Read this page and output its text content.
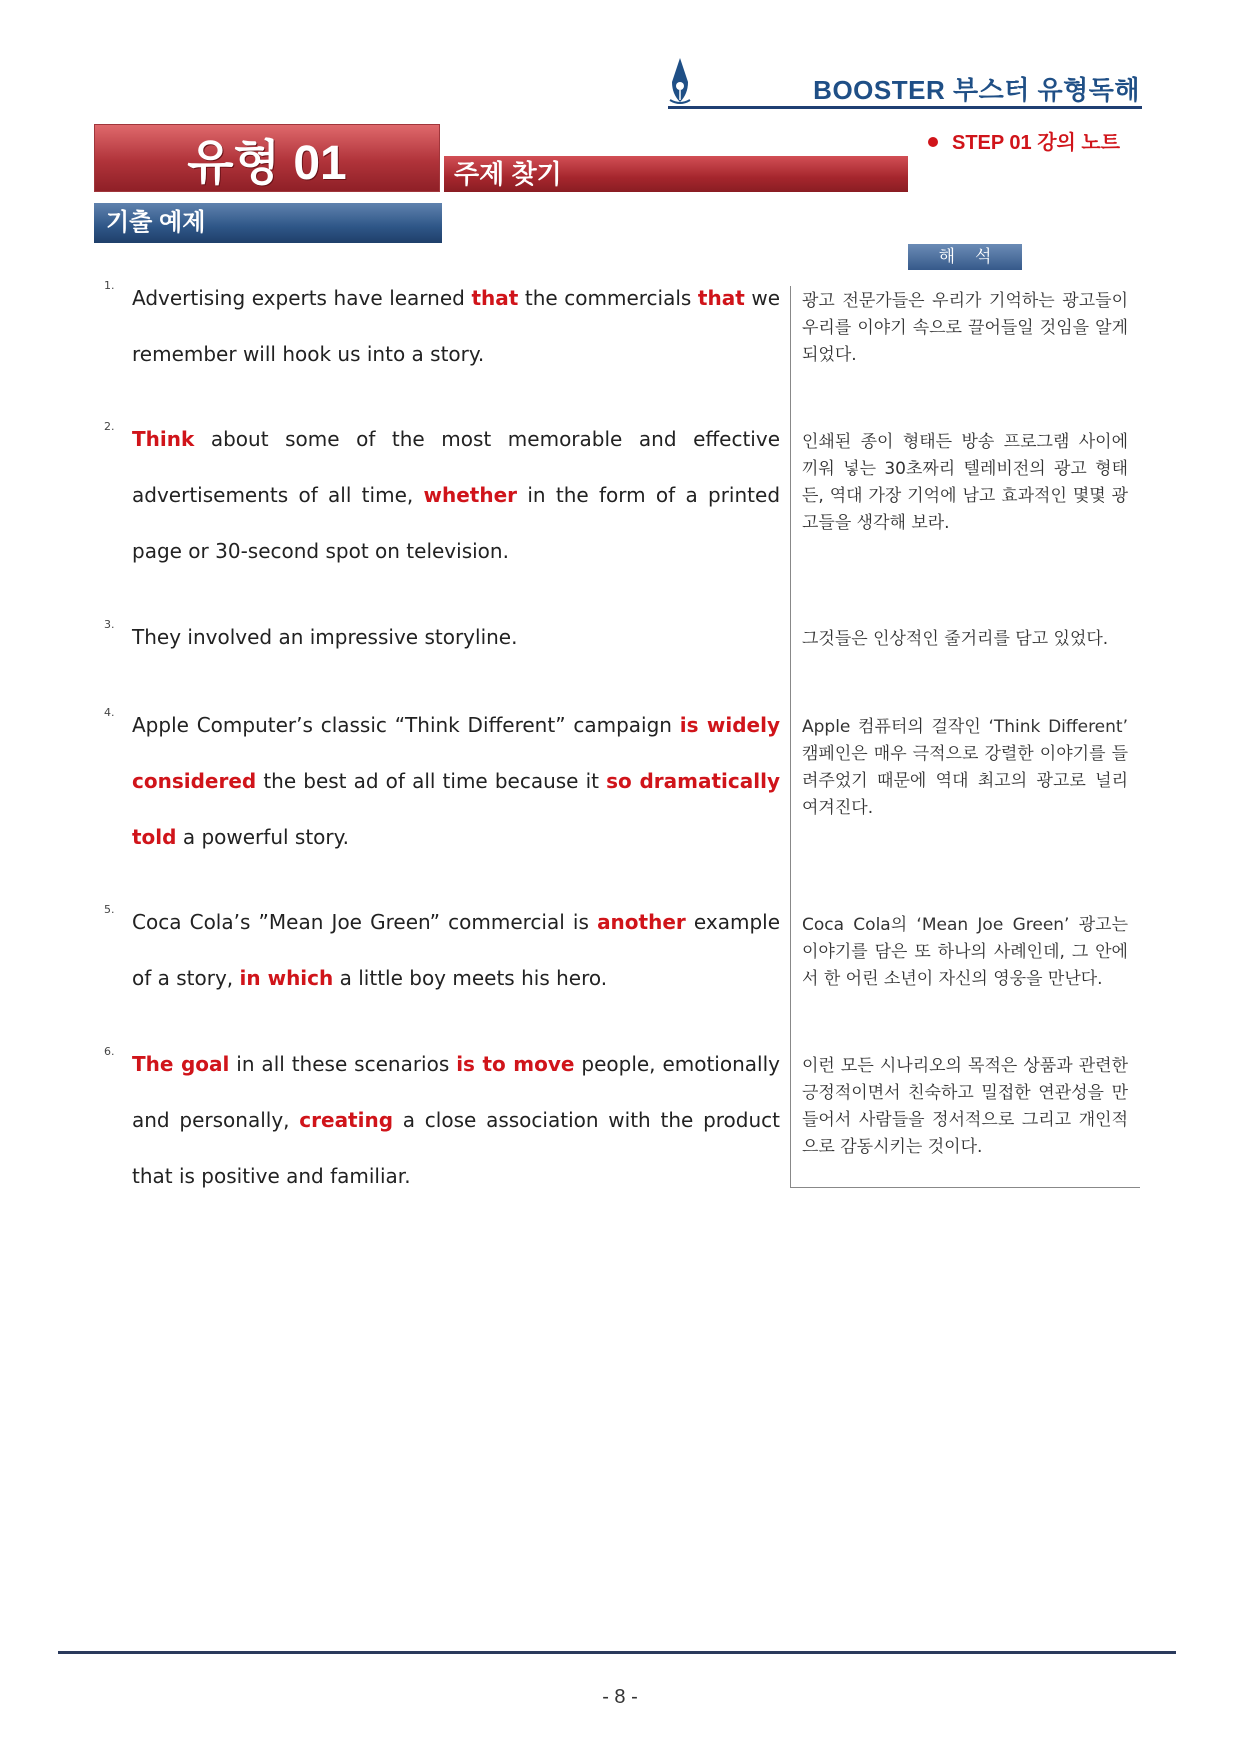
BOOSTER 부스터 유형독해
유형 01	주제 찾기
STEP 01 강의 노트
기출 예제
해석
1.
Advertising experts have learned that the commercials that we remember will hook us into a story.
광고 전문가들은 우리가 기억하는 광고들이 우리를 이야기 속으로 끌어들일 것임을 알게 되었다.
2.
Think about some of the most memorable and effective advertisements of all time, whether in the form of a printed page or 30-second spot on television.
인쇄된 종이 형태든 방송 프로그램 사이에 끼워 넣는 30초짜리 텔레비전의 광고 형태든, 역대 가장 기억에 남고 효과적인 몇몇 광고들을 생각해 보라.
3.
They involved an impressive storyline.	그것들은 인상적인 줄거리를 담고 있었다.
4.
Apple Computer’s classic “Think Different” campaign is widely considered the best ad of all time because it so dramatically told a powerful story.
Apple 컴퓨터의 걸작인 ‘Think Different’ 캠페인은 매우 극적으로 강렬한 이야기를 들려주었기 때문에 역대 최고의 광고로 널리 여겨진다.
5.
Coca Cola’s ”Mean Joe Green” commercial is another example of a story, in which a little boy meets his hero.
Coca Cola의 ‘Mean Joe Green’ 광고는 이야기를 담은 또 하나의 사례인데, 그 안에서 한 어린 소년이 자신의 영웅을 만난다.
6.
The goal in all these scenarios is to move people, emotionally and personally, creating a close association with the product that is positive and familiar.
이런 모든 시나리오의 목적은 상품과 관련한 긍정적이면서 친숙하고 밀접한 연관성을 만들어서 사람들을 정서적으로 그리고 개인적으로 감동시키는 것이다.
- 8 -
